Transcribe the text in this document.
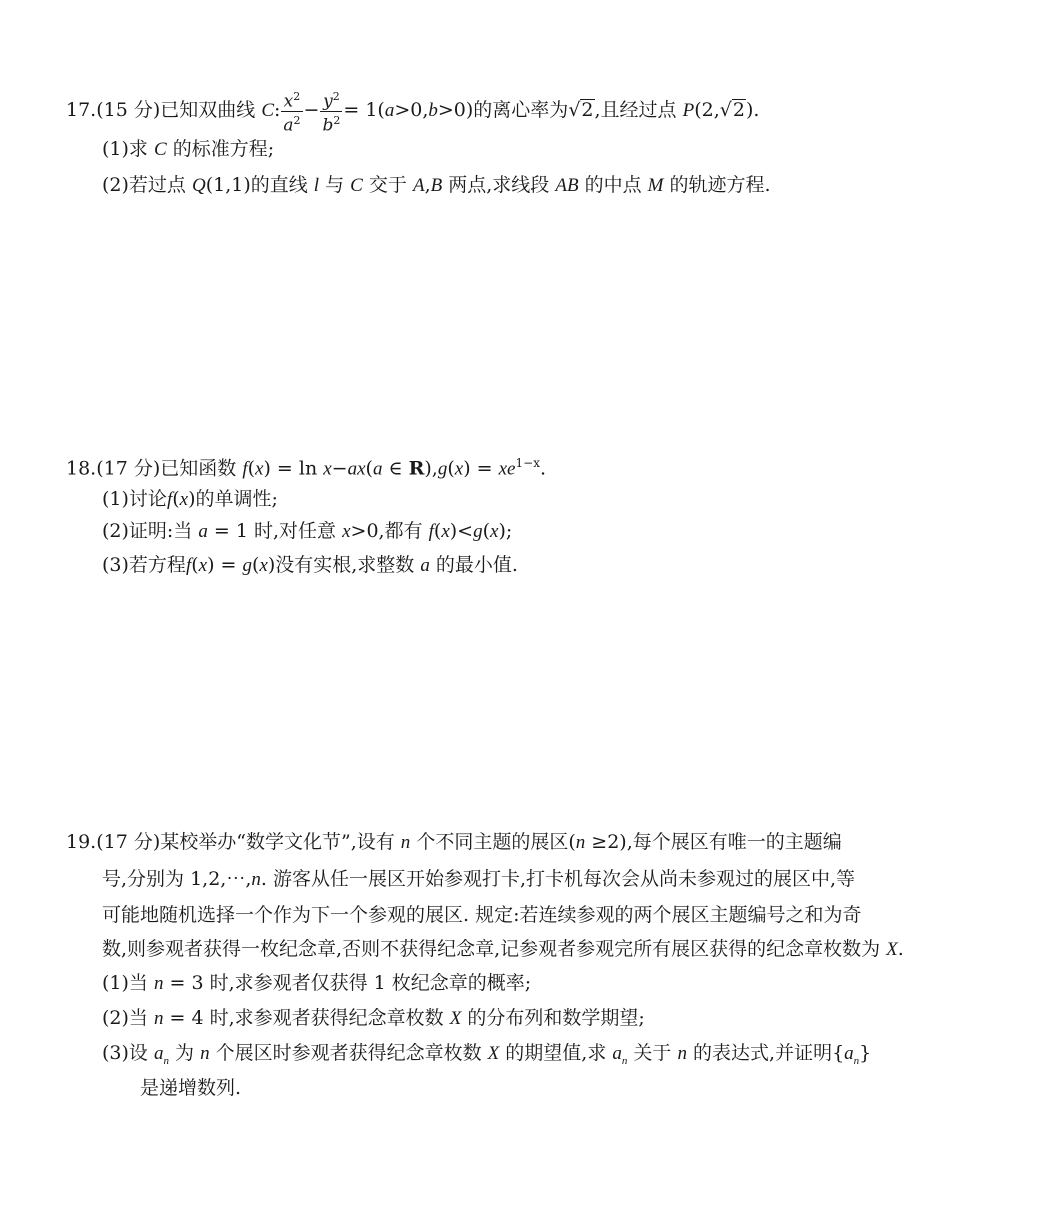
17.(15 分)已知双曲线 C: $\frac{x^2}{a^2} - \frac{y^2}{b^2} = 1(a>0,b>0)$的离心率为√2,且经过点 P(2,√2).
(1)求 C 的标准方程;
(2)若过点 Q(1,1)的直线 l 与 C 交于 A,B 两点,求线段 AB 的中点 M 的轨迹方程.
18.(17 分)已知函数 f(x) = ln x−ax(a ∈ $R),g(x) = xe^{1-x}$.
(1)讨论f(x)的单调性;
(2)证明:当 a = 1 时,对任意 x>0,都有 f(x)<g(x);
(3)若方程f(x) = g(x)没有实根,求整数 a 的最小值.
19.(17 分)某校举办“数学文化节”,设有 n 个不同主题的展区(n ≥2),每个展区有唯一的主题编
号,分别为 1,2,⋯,n. 游客从任一展区开始参观打卡,打卡机每次会从尚未参观过的展区中,等
可能地随机选择一个作为下一个参观的展区. 规定:若连续参观的两个展区主题编号之和为奇
数,则参观者获得一枚纪念章,否则不获得纪念章,记参观者参观完所有展区获得的纪念章枚数为 X.
(1)当 n = 3 时,求参观者仅获得 1 枚纪念章的概率;
(2)当 n = 4 时,求参观者获得纪念章枚数 X 的分布列和数学期望;
(3)设 $a_n$ 为 n 个展区时参观者获得纪念章枚数 X 的期望值,求 $a_n$ 关于 n 的表达式,并证明$\{a_n\}$
是递增数列.
